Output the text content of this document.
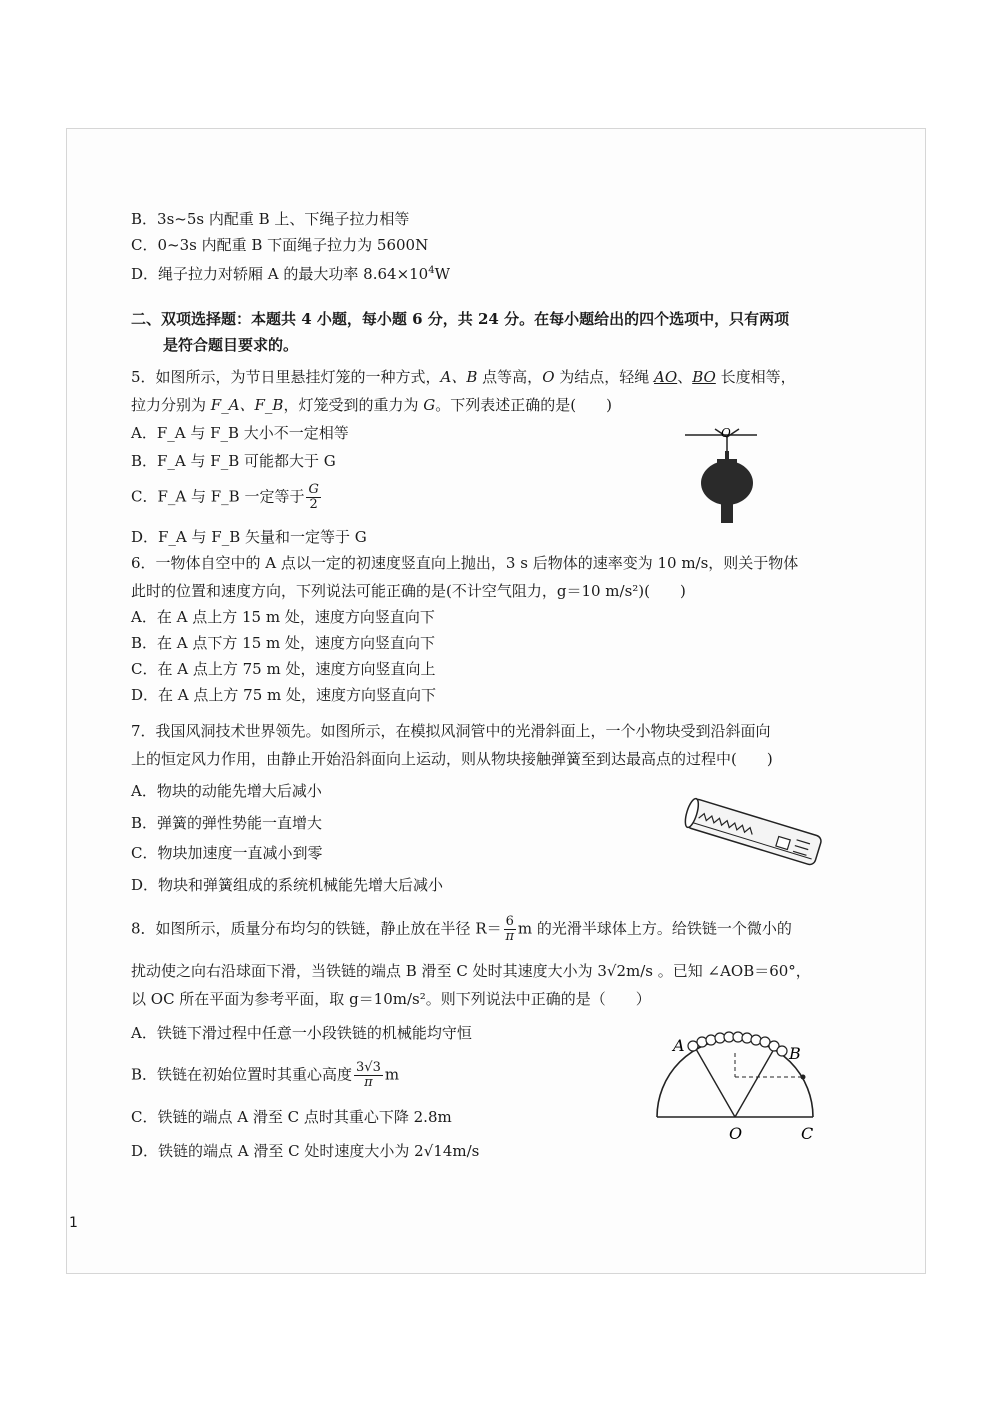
B．3s~5s 内配重 B 上、下绳子拉力相等
C．0~3s 内配重 B 下面绳子拉力为 5600N
D．绳子拉力对轿厢 A 的最大功率 $8.64\times 10^4W$
二、双项选择题：本题共 4 小题，每小题 6 分，共 24 分。在每小题给出的四个选项中，只有两项
是符合题目要求的。
5．如图所示，为节日里悬挂灯笼的一种方式，A、B 点等高，O 为结点，轻绳 AO、BO 长度相等，
拉力分别为 F_A、F_B，灯笼受到的重力为 G。下列表述正确的是(　　)
A．F_A 与 F_B 大小不一定相等
B．F_A 与 F_B 可能都大于 G
C．F_A 与 F_B 一定等于 $\frac{G}{2}$
D．F_A 与 F_B 矢量和一定等于 G
O
6．一物体自空中的 A 点以一定的初速度竖直向上抛出，3 s 后物体的速率变为 10 m/s，则关于物体
此时的位置和速度方向，下列说法可能正确的是(不计空气阻力，g＝10 m/s²)(　　)
A．在 A 点上方 15 m 处，速度方向竖直向下
B．在 A 点下方 15 m 处，速度方向竖直向下
C．在 A 点上方 75 m 处，速度方向竖直向上
D．在 A 点上方 75 m 处，速度方向竖直向下
7．我国风洞技术世界领先。如图所示，在模拟风洞管中的光滑斜面上，一个小物块受到沿斜面向
上的恒定风力作用，由静止开始沿斜面向上运动，则从物块接触弹簧至到达最高点的过程中(　　)
A．物块的动能先增大后减小
B．弹簧的弹性势能一直增大
C．物块加速度一直减小到零
D．物块和弹簧组成的系统机械能先增大后减小
8．如图所示，质量分布均匀的铁链，静止放在半径 $R= \frac{6}{\pi}$ m 的光滑半球体上方。给铁链一个微小的
扰动使之向右沿球面下滑，当铁链的端点 B 滑至 C 处时其速度大小为 3√2m/s 。已知 ∠AOB＝60°，
以 OC 所在平面为参考平面，取 g＝10m/s²。则下列说法中正确的是（　　）
A．铁链下滑过程中任意一小段铁链的机械能均守恒
B．铁链在初始位置时其重心高度 $\frac{3√3}{\pi}$ m
C．铁链的端点 A 滑至 C 点时其重心下降 2.8m
D．铁链的端点 A 滑至 C 处时速度大小为 2√14m/s
A	B
O	C
1
